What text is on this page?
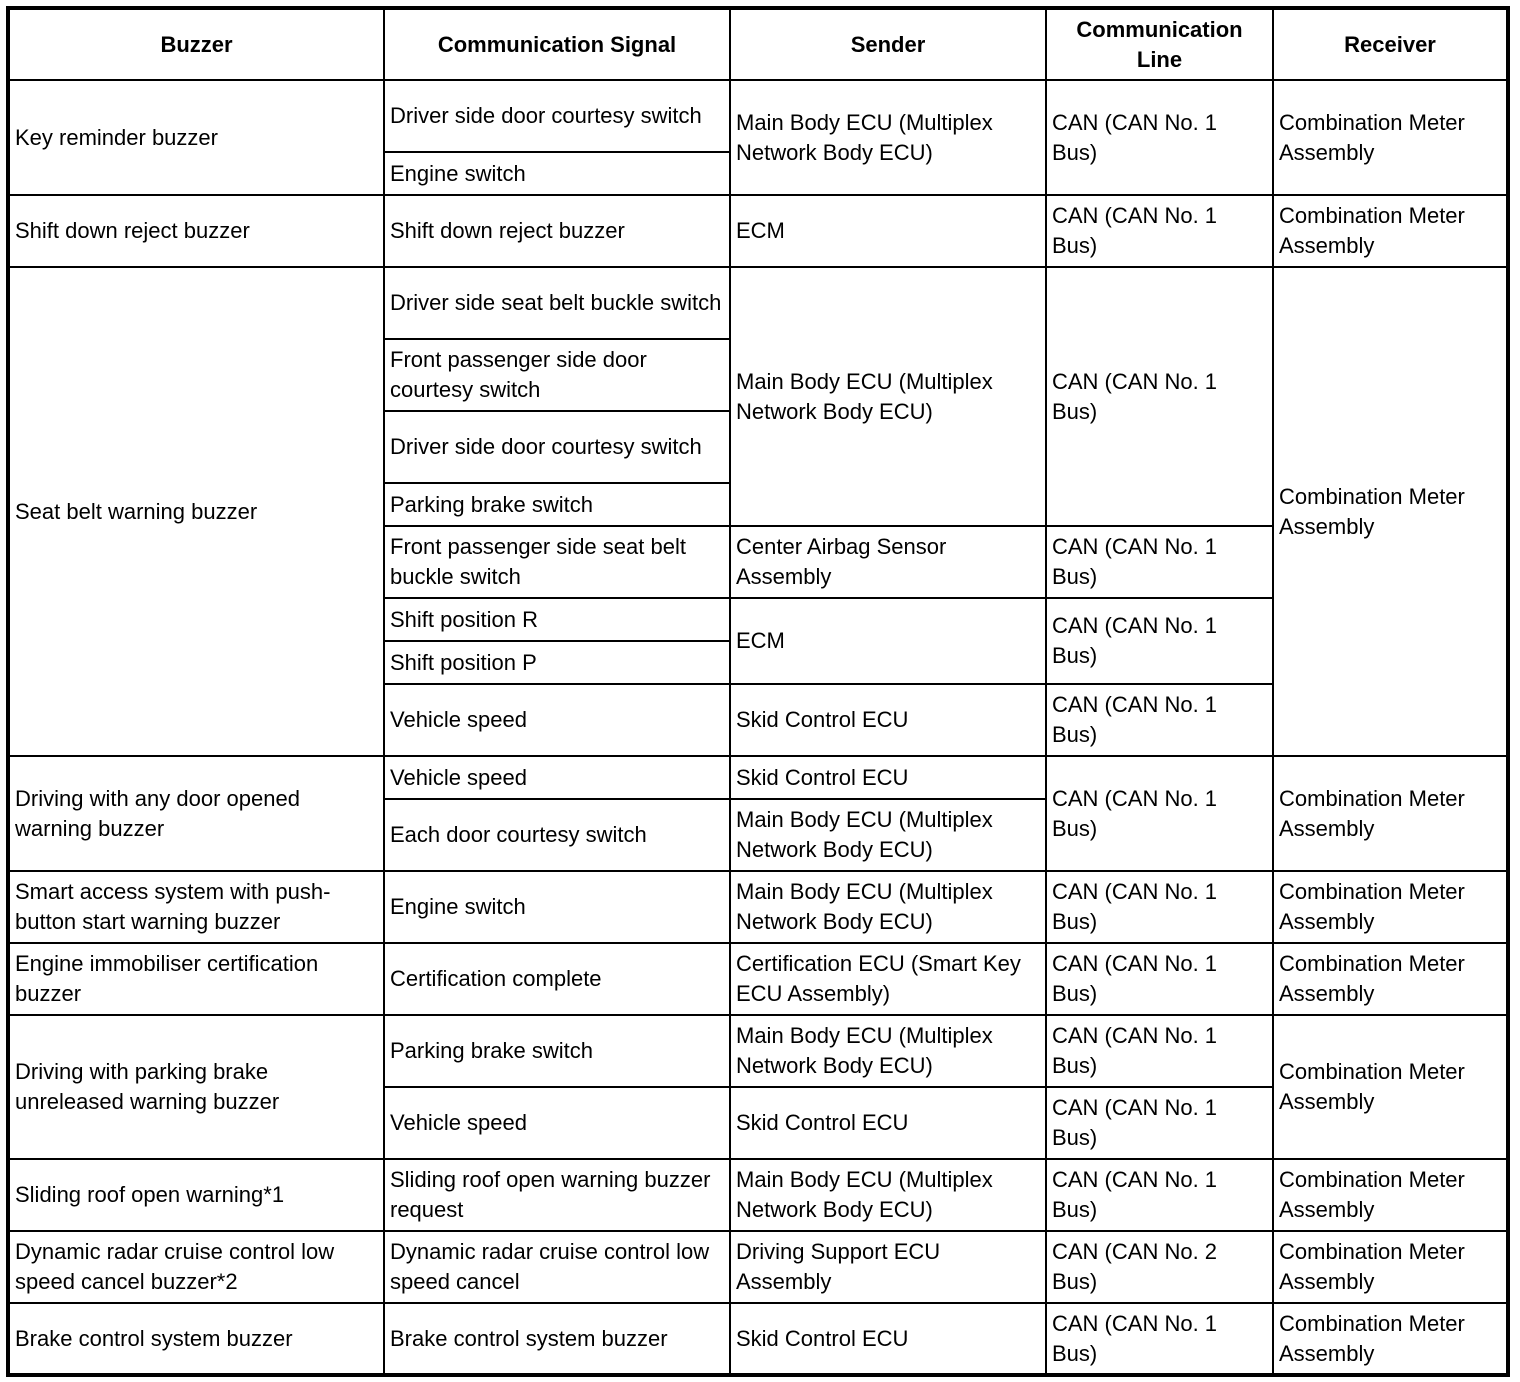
Buzzer	Communication Signal	Sender	Communication Line	Receiver
Key reminder buzzer	Driver side door courtesy switch	Main Body ECU (Multiplex Network Body ECU)	CAN (CAN No. 1 Bus)	Combination Meter Assembly
	Engine switch			
Shift down reject buzzer	Shift down reject buzzer	ECM	CAN (CAN No. 1 Bus)	Combination Meter Assembly
Seat belt warning buzzer	Driver side seat belt buckle switch	Main Body ECU (Multiplex Network Body ECU)	CAN (CAN No. 1 Bus)	Combination Meter Assembly
	Front passenger side door courtesy switch			
	Driver side door courtesy switch			
	Parking brake switch			
	Front passenger side seat belt buckle switch	Center Airbag Sensor Assembly	CAN (CAN No. 1 Bus)	
	Shift position R	ECM	CAN (CAN No. 1 Bus)	
	Shift position P			
	Vehicle speed	Skid Control ECU	CAN (CAN No. 1 Bus)	

Driving with any door opened warning buzzer	Vehicle speed	Skid Control ECU	CAN (CAN No. 1 Bus)	Combination Meter Assembly
	Each door courtesy switch	Main Body ECU (Multiplex Network Body ECU)		
Smart access system with push-button start warning buzzer	Engine switch	Main Body ECU (Multiplex Network Body ECU)	CAN (CAN No. 1 Bus)	Combination Meter Assembly
Engine immobiliser certification buzzer	Certification complete	Certification ECU (Smart Key ECU Assembly)	CAN (CAN No. 1 Bus)	Combination Meter Assembly
Driving with parking brake unreleased warning buzzer	Parking brake switch	Main Body ECU (Multiplex Network Body ECU)	CAN (CAN No. 1 Bus)	Combination Meter Assembly
	Vehicle speed	Skid Control ECU	CAN (CAN No. 1 Bus)	
Sliding roof open warning*1	Sliding roof open warning buzzer request	Main Body ECU (Multiplex Network Body ECU)	CAN (CAN No. 1 Bus)	Combination Meter Assembly
Dynamic radar cruise control low speed cancel buzzer*2	Dynamic radar cruise control low speed cancel	Driving Support ECU Assembly	CAN (CAN No. 2 Bus)	Combination Meter Assembly
Brake control system buzzer	Brake control system buzzer	Skid Control ECU	CAN (CAN No. 1 Bus)	Combination Meter Assembly
